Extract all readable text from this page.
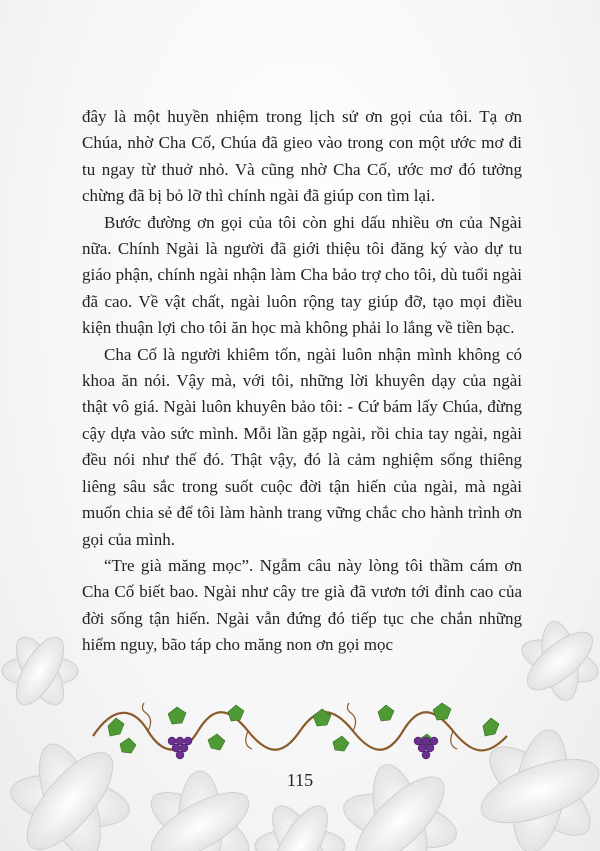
đây là một huyền nhiệm trong lịch sử ơn gọi của tôi. Tạ ơn Chúa, nhờ Cha Cố, Chúa đã gieo vào trong con một ước mơ đi tu ngay từ thuở nhỏ. Và cũng nhờ Cha Cố, ước mơ đó tưởng chừng đã bị bỏ lỡ thì chính ngài đã giúp con tìm lại.

Bước đường ơn gọi của tôi còn ghi dấu nhiều ơn của Ngài nữa. Chính Ngài là người đã giới thiệu tôi đăng ký vào dự tu giáo phận, chính ngài nhận làm Cha bảo trợ cho tôi, dù tuổi ngài đã cao. Về vật chất, ngài luôn rộng tay giúp đỡ, tạo mọi điều kiện thuận lợi cho tôi ăn học mà không phải lo lắng về tiền bạc.

Cha Cố là người khiêm tốn, ngài luôn nhận mình không có khoa ăn nói. Vậy mà, với tôi, những lời khuyên dạy của ngài thật vô giá. Ngài luôn khuyên bảo tôi: - Cứ bám lấy Chúa, đừng cậy dựa vào sức mình. Mỗi lần gặp ngài, rồi chia tay ngài, ngài đều nói như thế đó. Thật vậy, đó là cảm nghiệm sống thiêng liêng sâu sắc trong suốt cuộc đời tận hiến của ngài, mà ngài muốn chia sẻ để tôi làm hành trang vững chắc cho hành trình ơn gọi của mình.

“Tre già măng mọc”. Ngẫm câu này lòng tôi thầm cám ơn Cha Cố biết bao. Ngài như cây tre già đã vươn tới đỉnh cao của đời sống tận hiến. Ngài vẫn đứng đó tiếp tục che chắn những hiểm nguy, bão táp cho măng non ơn gọi mọc

115
